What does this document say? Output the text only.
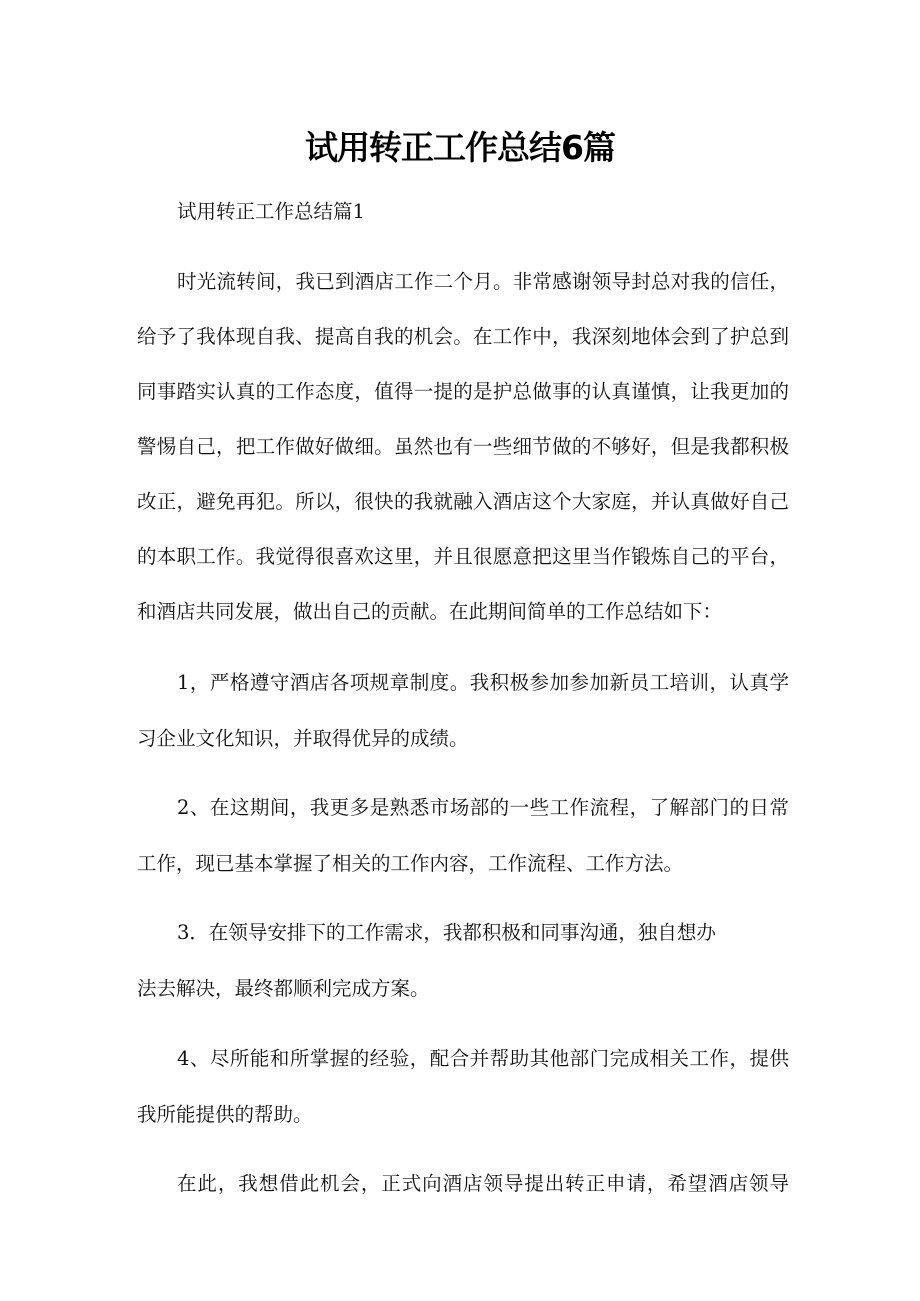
试用转正工作总结6篇
试用转正工作总结篇1
时光流转间，我已到酒店工作二个月。非常感谢领导封总对我的信任，
给予了我体现自我、提高自我的机会。在工作中，我深刻地体会到了护总到
同事踏实认真的工作态度，值得一提的是护总做事的认真谨慎，让我更加的
警惕自己，把工作做好做细。虽然也有一些细节做的不够好，但是我都积极
改正，避免再犯。所以，很快的我就融入酒店这个大家庭，并认真做好自己
的本职工作。我觉得很喜欢这里，并且很愿意把这里当作锻炼自己的平台，
和酒店共同发展，做出自己的贡献。在此期间简单的工作总结如下：
1，严格遵守酒店各项规章制度。我积极参加参加新员工培训，认真学
习企业文化知识，并取得优异的成绩。
2、在这期间，我更多是熟悉市场部的一些工作流程，了解部门的日常
工作，现已基本掌握了相关的工作内容，工作流程、工作方法。
3．在领导安排下的工作需求，我都积极和同事沟通，独自想办
法去解决，最终都顺利完成方案。
4、尽所能和所掌握的经验，配合并帮助其他部门完成相关工作，提供
我所能提供的帮助。
在此，我想借此机会，正式向酒店领导提出转正申请，希望酒店领导
